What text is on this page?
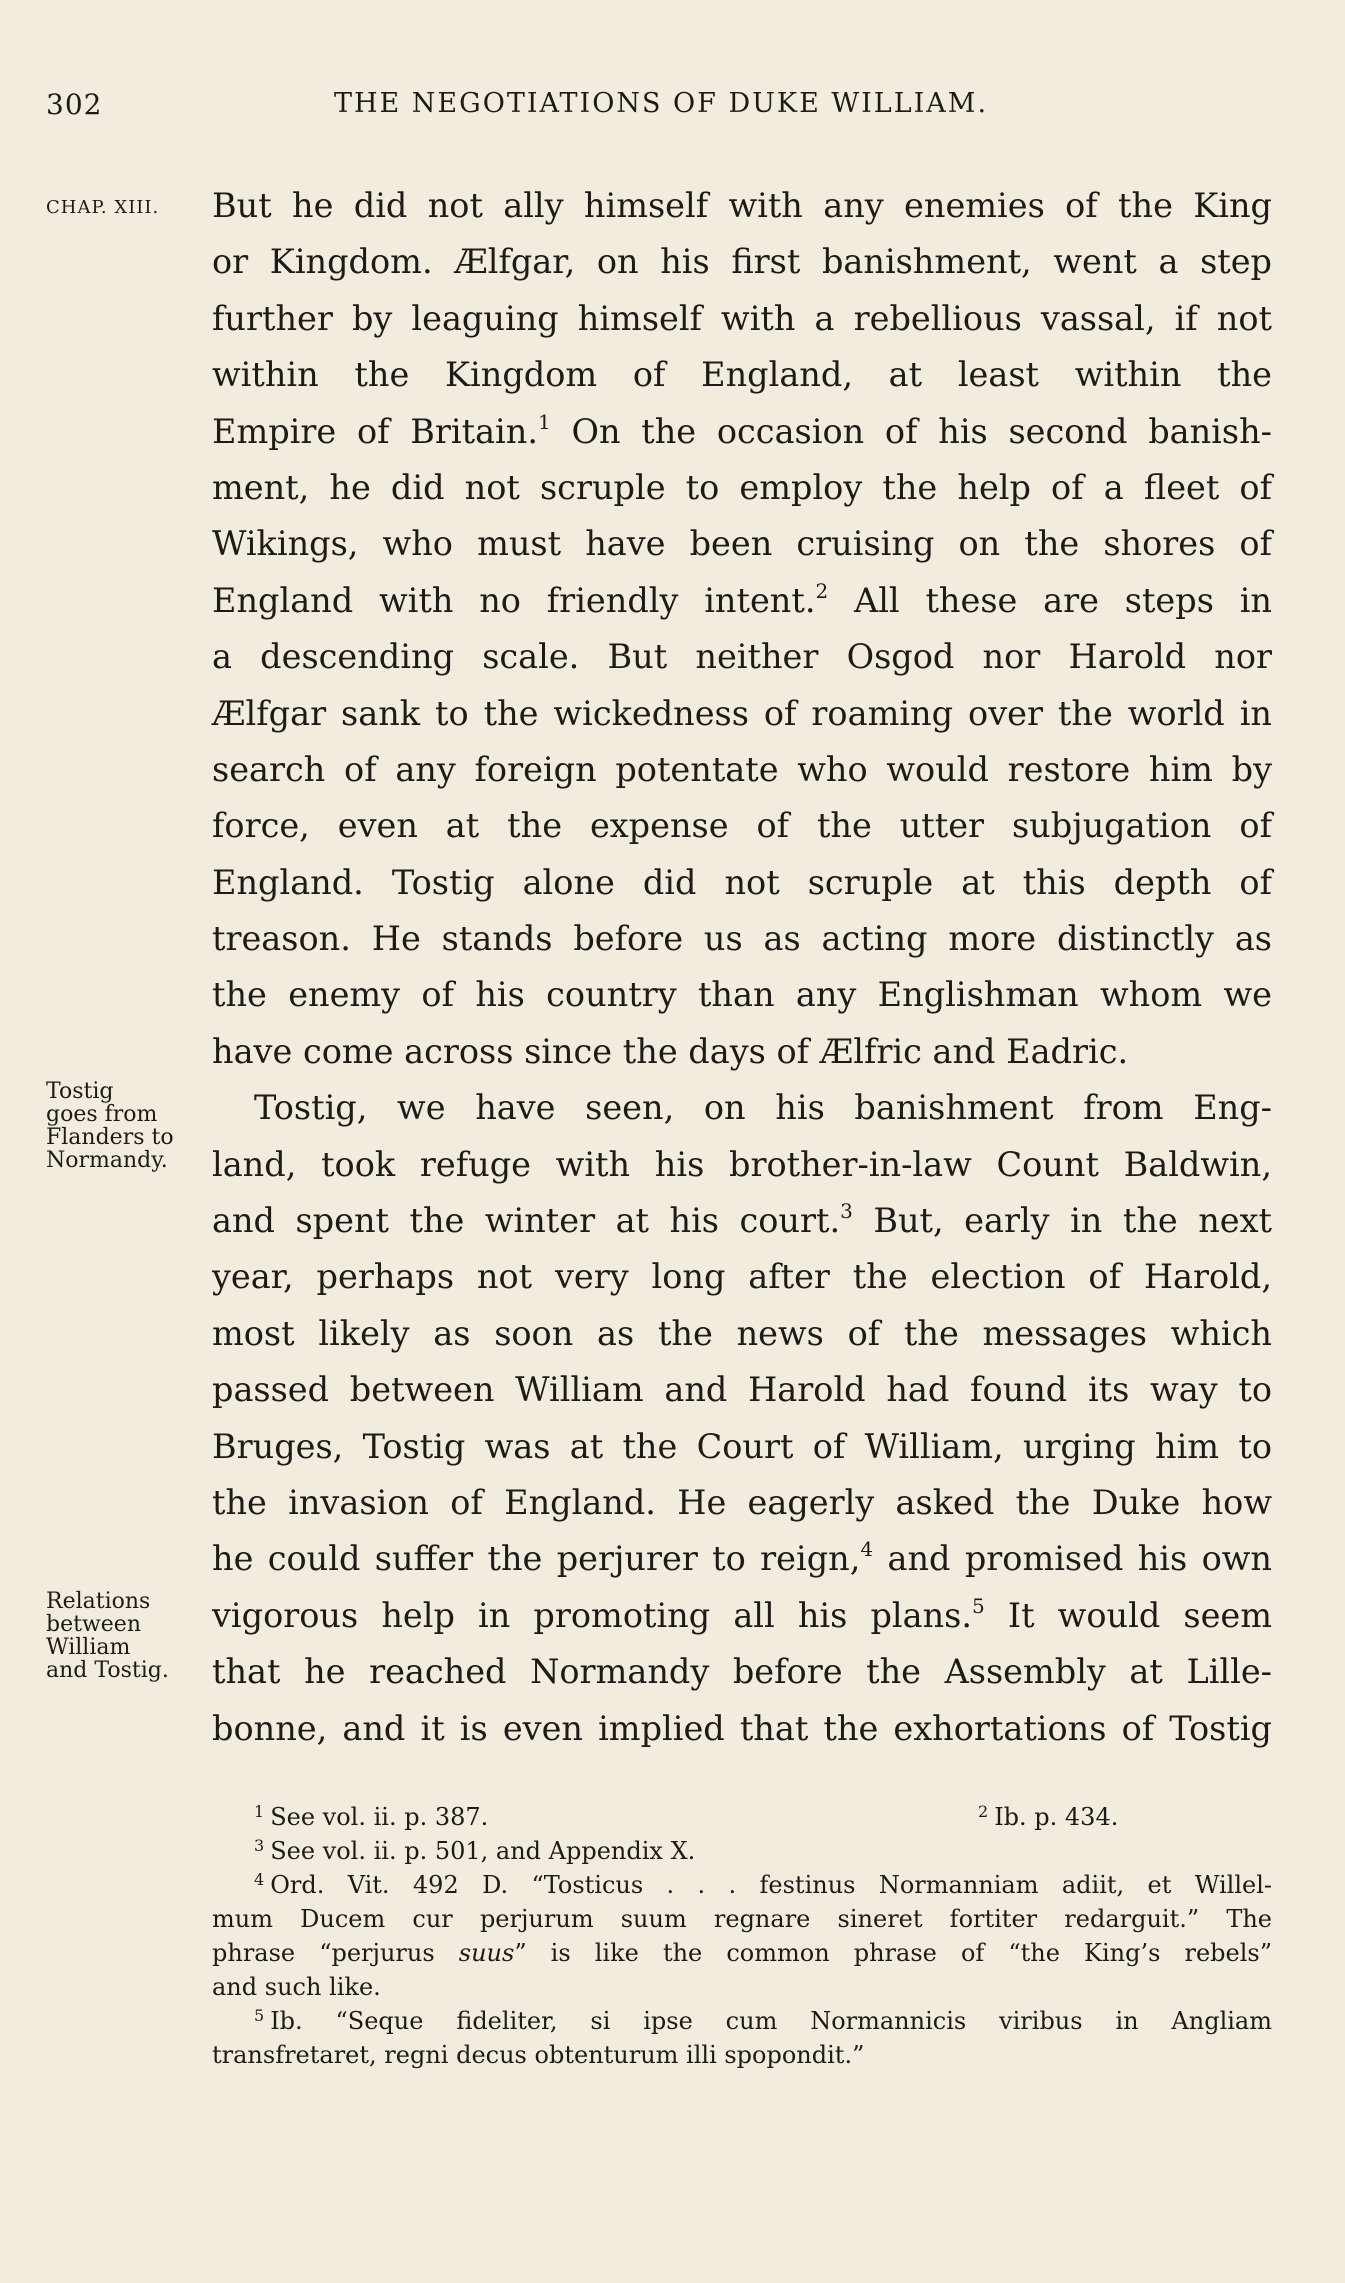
302	THE NEGOTIATIONS OF DUKE WILLIAM.
CHAP. XIII.
Tostig
goes from
Flanders to
Normandy.
Relations
between
William
and Tostig.
But he did not ally himself with any enemies of the King
or Kingdom. Ælfgar, on his first banishment, went a step
further by leaguing himself with a rebellious vassal, if not
within the Kingdom of England, at least within the
Empire of Britain.$^1$ On the occasion of his second banish-
ment, he did not scruple to employ the help of a fleet of
Wikings, who must have been cruising on the shores of
England with no friendly intent.$^2$ All these are steps in
a descending scale. But neither Osgod nor Harold nor
Ælfgar sank to the wickedness of roaming over the world in
search of any foreign potentate who would restore him by
force, even at the expense of the utter subjugation of
England. Tostig alone did not scruple at this depth of
treason. He stands before us as acting more distinctly as
the enemy of his country than any Englishman whom we
have come across since the days of Ælfric and Eadric.
Tostig, we have seen, on his banishment from Eng-
land, took refuge with his brother-in-law Count Baldwin,
and spent the winter at his court.$^3$ But, early in the next
year, perhaps not very long after the election of Harold,
most likely as soon as the news of the messages which
passed between William and Harold had found its way to
Bruges, Tostig was at the Court of William, urging him to
the invasion of England. He eagerly asked the Duke how
he could suffer the perjurer to reign,$^4$ and promised his own
vigorous help in promoting all his plans.$^5$ It would seem
that he reached Normandy before the Assembly at Lille-
bonne, and it is even implied that the exhortations of Tostig
$^1$ See vol. ii. p. 387.	$^2$ Ib. p. 434.
$^3$ See vol. ii. p. 501, and Appendix X.
$^4$ Ord. Vit. 492 D. “Tosticus . . . festinus Normanniam adiit, et Willel-
mum Ducem cur perjurum suum regnare sineret fortiter redarguit.” The
phrase “perjurus suus” is like the common phrase of “the King’s rebels”
and such like.
$^5$ Ib. “Seque fideliter, si ipse cum Normannicis viribus in Angliam
transfretaret, regni decus obtenturum illi spopondit.”
